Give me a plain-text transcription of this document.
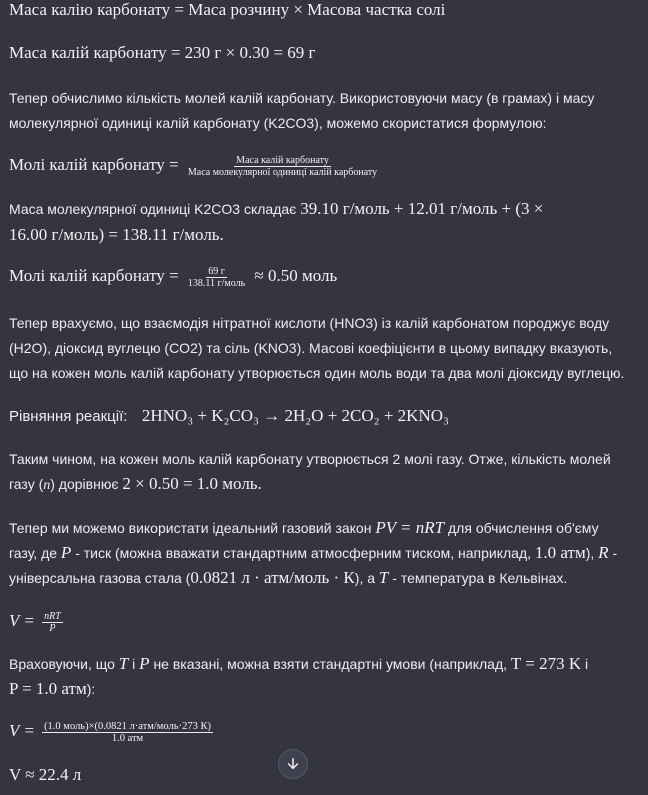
Маса калію карбонату = Маса розчину × Масова частка солі
Маса калій карбонату = 230 г × 0.30 = 69 г
Тепер обчислимо кількість молей калій карбонату. Використовуючи масу (в грамах) і масу
молекулярної одиниці калій карбонату (K2CO3), можемо скористатися формулою:
Молі калій карбонату = $\frac{\text{Маса калій карбонату}}{\text{Маса молекулярної одиниці калій карбонату}}$
Маса молекулярної одиниці K2CO3 складає 39.10 г/моль + 12.01 г/моль + (3 ×
16.00 г/моль) = 138.11 г/моль.
Молі калій карбонату = $\frac{69 г}{\text{138.11 г/моль}} \approx 0.50$ моль
Тепер врахуємо, що взаємодія нітратної кислоти (HNO3) із калій карбонатом породжує воду
(H2O), діоксид вуглецю (CO2) та сіль (KNO3). Масові коефіцієнти в цьому випадку вказують,
що на кожен моль калій карбонату утворюється один моль води та два молі діоксиду вуглецю.
Рівняння реакції: 2HNO₃ + K₂CO₃ → 2H₂O + 2CO₂ + 2KNO₃
Таким чином, на кожен моль калій карбонату утворюється 2 молі газу. Отже, кількість молей
газу (n) дорівнює 2 × 0.50 = 1.0 моль.
Тепер ми можемо використати ідеальний газовий закон PV = nRT для обчислення об'єму
газу, де P - тиск (можна вважати стандартним атмосферним тиском, наприклад, 1.0 атм), R -
універсальна газова стала (0.0821 л · атм/моль · К), а T - температура в Кельвінах.
$V = \frac{\text{nRT}}{P}$
Враховуючи, що T і P не вказані, можна взяти стандартні умови (наприклад, T = 273 K і
P = 1.0 атм):
$V = \frac{\text{(1.0 моль)×(0.0821 л·атм/моль·273 К)}}{\text{1.0 атм}}$
V ≈ 22.4 л
